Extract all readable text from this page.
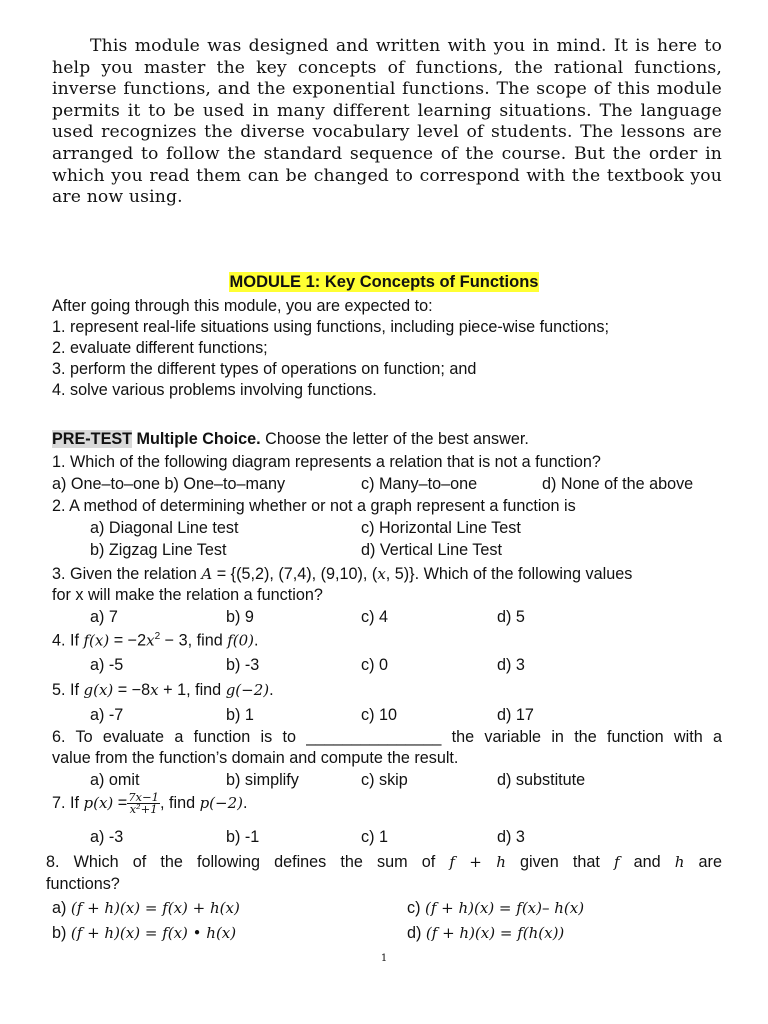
This module was designed and written with you in mind. It is here to help you master the key concepts of functions, the rational functions, inverse functions, and the exponential functions. The scope of this module permits it to be used in many different learning situations. The language used recognizes the diverse vocabulary level of students. The lessons are arranged to follow the standard sequence of the course. But the order in which you read them can be changed to correspond with the textbook you are now using.

MODULE 1: Key Concepts of Functions
After going through this module, you are expected to:
1. represent real-life situations using functions, including piece-wise functions;
2. evaluate different functions;
3. perform the different types of operations on function; and
4. solve various problems involving functions.
PRE-TEST Multiple Choice. Choose the letter of the best answer.
1. Which of the following diagram represents a relation that is not a function?
a) One–to–one b) One–to–many	c) Many–to–one	d) None of the above
2. A method of determining whether or not a graph represent a function is
a) Diagonal Line test	c) Horizontal Line Test
b) Zigzag Line Test	d) Vertical Line Test
3. Given the relation A = {(5,2), (7,4), (9,10), (x, 5)}. Which of the following values
for x will make the relation a function?
a) 7	b) 9	c) 4	d) 5
4. If $f(x) = -2x^2 - 3$, find f(0).
a) -5	b) -3	c) 0	d) 3
5. If g(x) = −8x + 1, find g(−2).
a) -7	b) 1	c) 10	d) 17
6. To evaluate a function is to _______________ the variable in the function with a
value from the function’s domain and compute the result.
a) omit	b) simplify	c) skip	d) substitute
7. If $p(x) = \frac{7x-1}{\text{x²+1}}$ , find p(−2).
a) -3	b) -1	c) 1	d) 3
8. Which of the following defines the sum of f + h given that f and h are
functions?
a) (f + h)(x) = f(x) + h(x)	c) (f + h)(x) = f(x)– h(x)
b) (f + h)(x) = f(x) • h(x)	d) (f + h)(x) = f(h(x))
1
